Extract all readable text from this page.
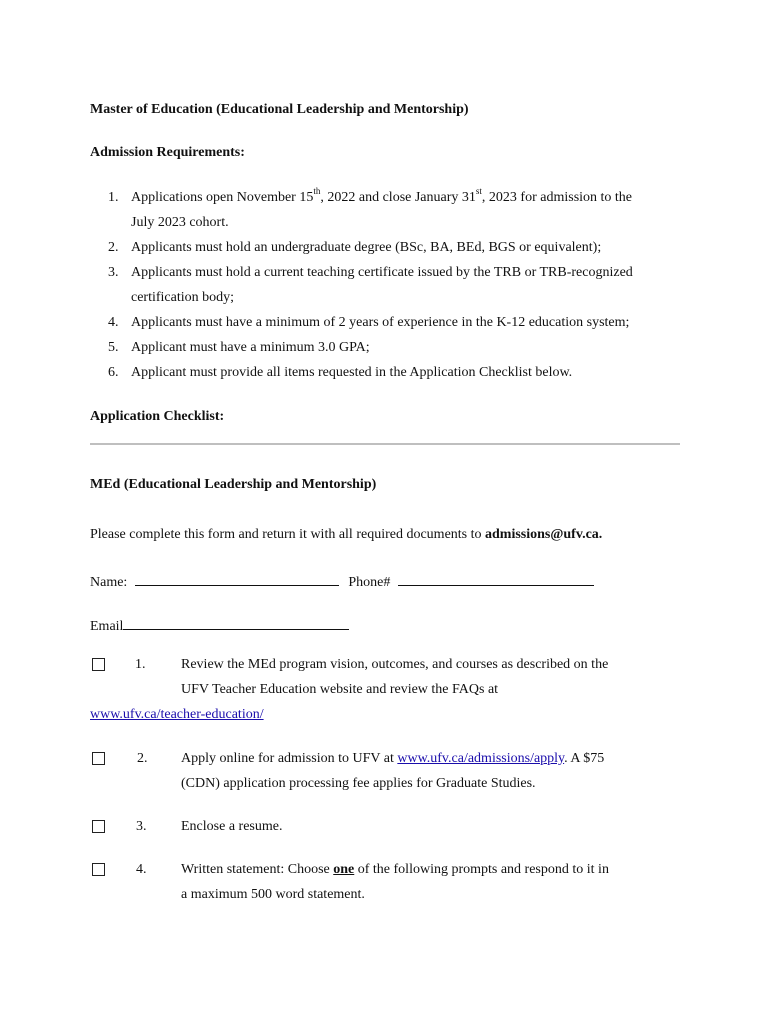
Master of Education (Educational Leadership and Mentorship)
Admission Requirements:
1. Applications open November 15th, 2022 and close January 31st, 2023 for admission to the
July 2023 cohort.
2. Applicants must hold an undergraduate degree (BSc, BA, BEd, BGS or equivalent);
3. Applicants must hold a current teaching certificate issued by the TRB or TRB-recognized
certification body;
4. Applicants must have a minimum of 2 years of experience in the K-12 education system;
5. Applicant must have a minimum 3.0 GPA;
6. Applicant must provide all items requested in the Application Checklist below.
Application Checklist:
MEd (Educational Leadership and Mentorship)
Please complete this form and return it with all required documents to admissions@ufv.ca.
Name:	Phone#
Email
1.	Review the MEd program vision, outcomes, and courses as described on the
UFV Teacher Education website and review the FAQs at
www.ufv.ca/teacher-education/
2.	Apply online for admission to UFV at www.ufv.ca/admissions/apply. A $75
(CDN) application processing fee applies for Graduate Studies.
3.	Enclose a resume.
4.	Written statement: Choose one of the following prompts and respond to it in
a maximum 500 word statement.
